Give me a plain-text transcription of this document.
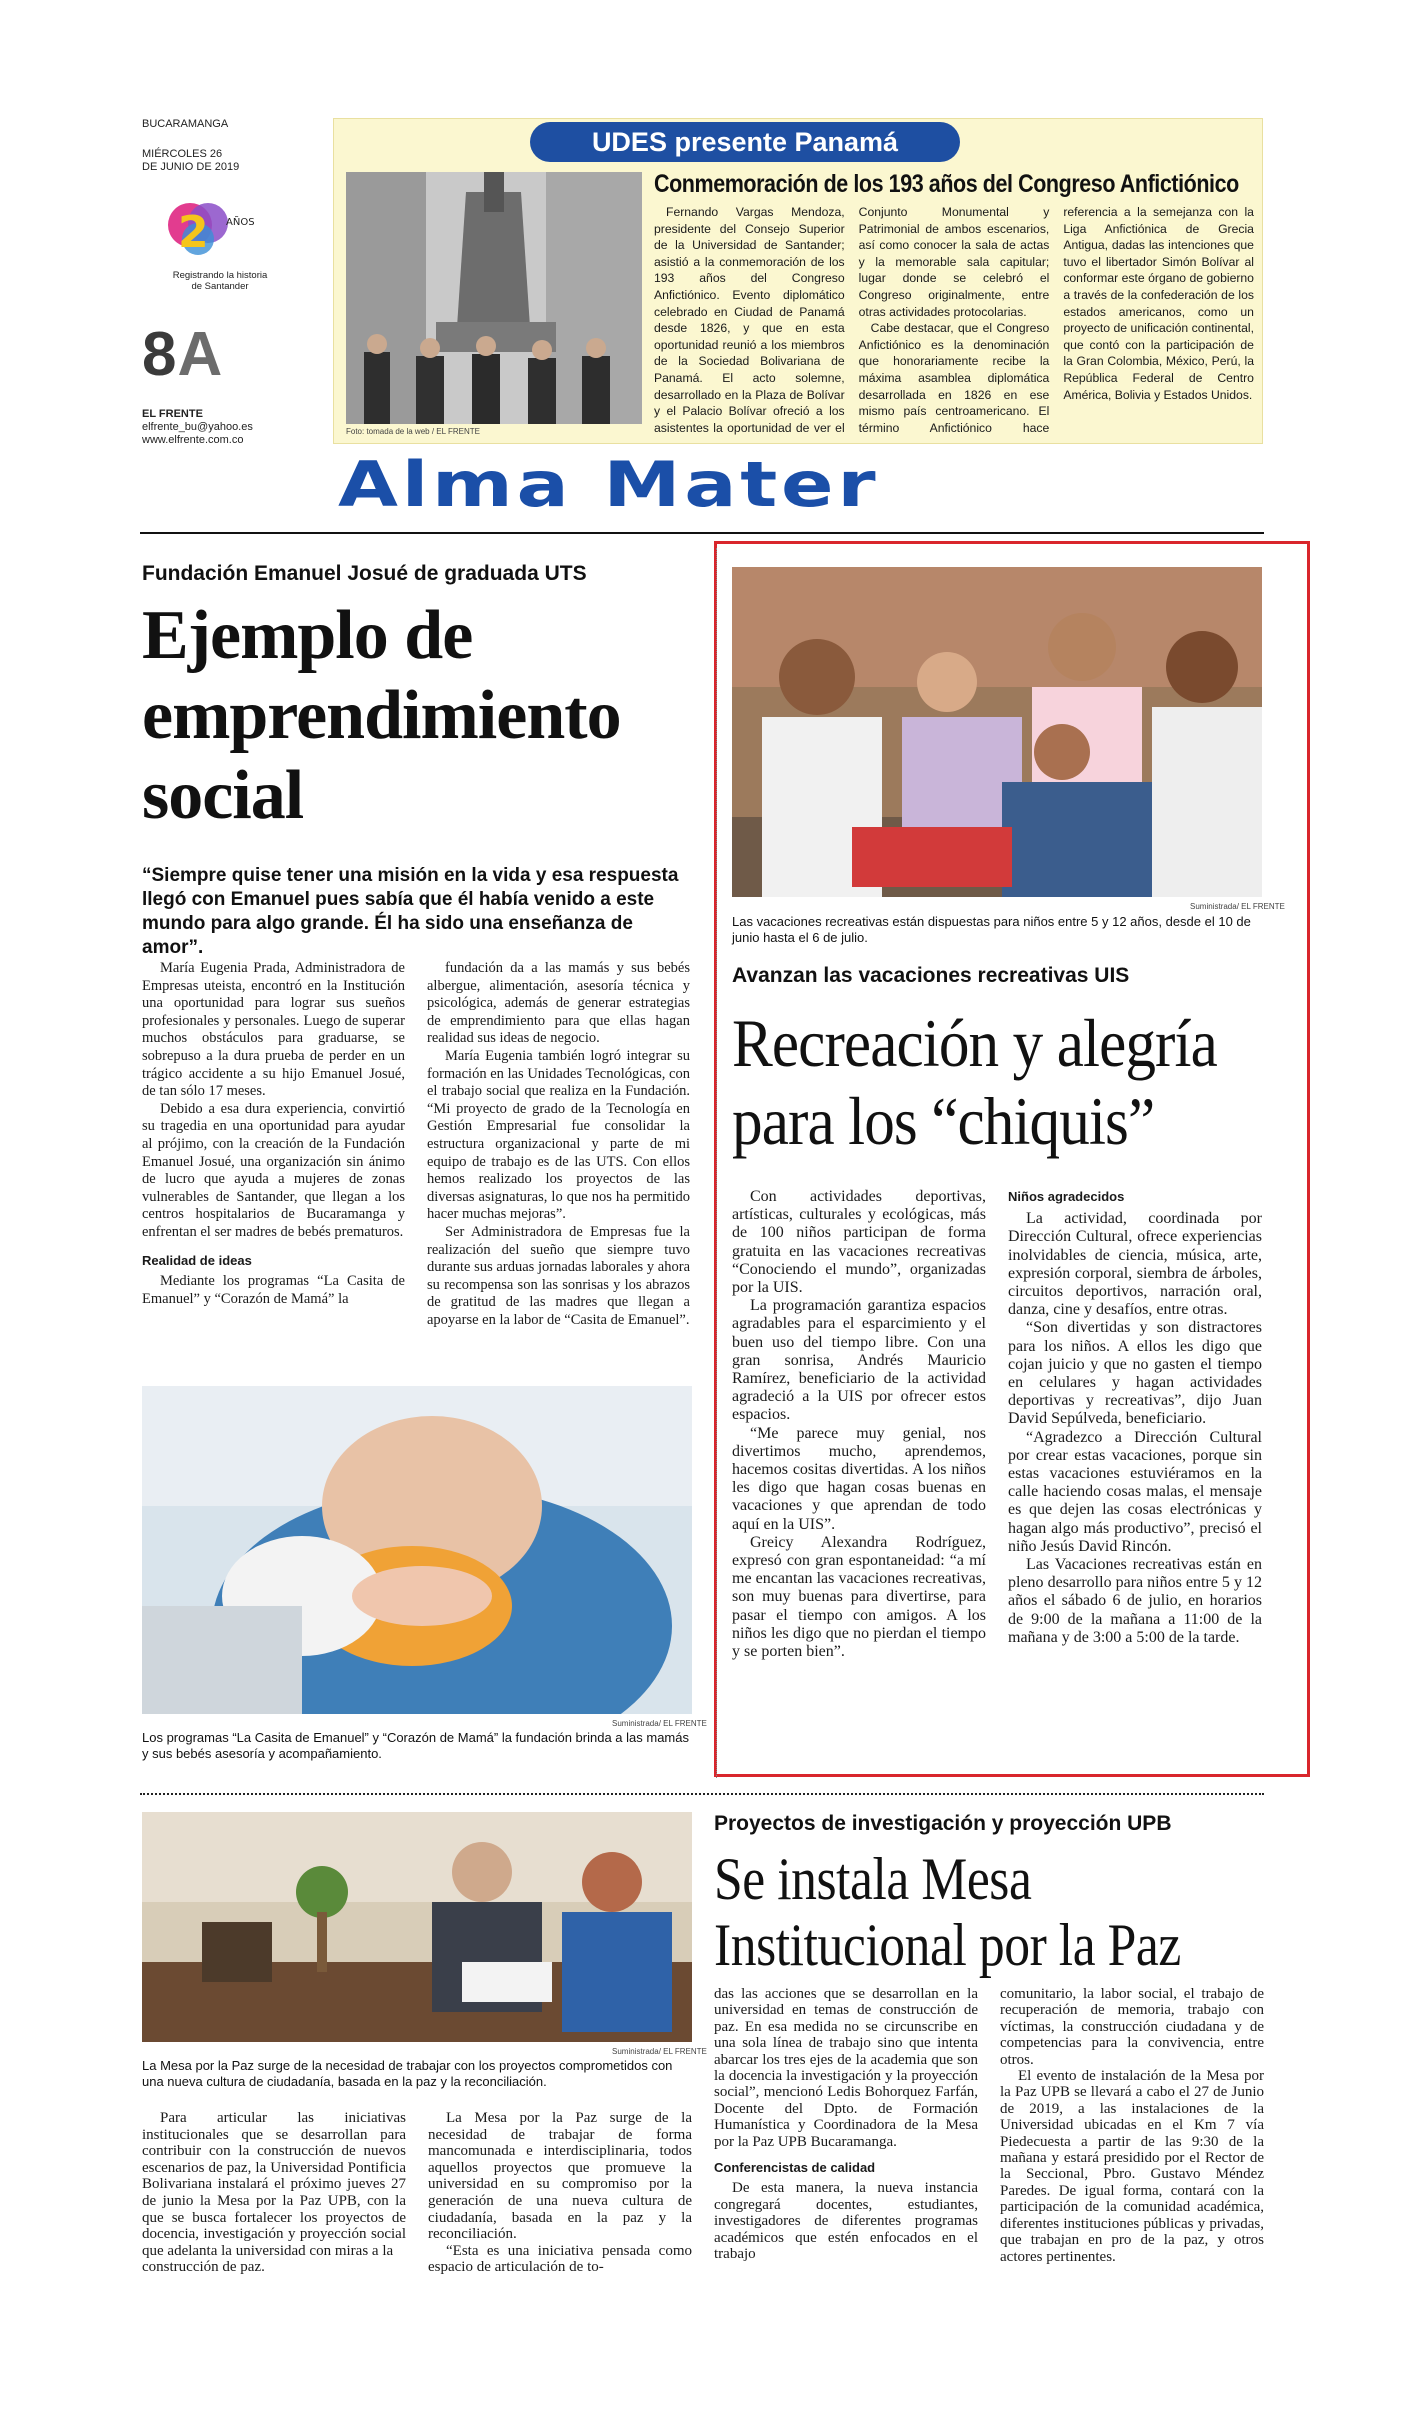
BUCARAMANGA
MIÉRCOLES 26
DE JUNIO DE 2019
2 AÑOS
Registrando la historia de Santander
8A
EL FRENTE
elfrente_bu@yahoo.es
www.elfrente.com.co
UDES presente Panamá
Foto: tomada de la web / EL FRENTE
Conmemoración de los 193 años del Congreso Anfictiónico

Fernando Vargas Mendoza, presidente del Consejo Superior de la Universidad de Santander; asistió a la conmemoración de los 193 años del Congreso Anfictiónico. Evento diplomático celebrado en Ciudad de Panamá desde 1826, y que en esta oportunidad reunió a los miembros de la Sociedad Bolivariana de Panamá. El acto solemne, desarrollado en la Plaza de Bolívar y el Palacio Bolívar ofreció a los asistentes la oportunidad de ver el Conjunto Monumental y Patrimonial de ambos escenarios, así como conocer la sala de actas y la memorable sala capitular; lugar donde se celebró el Congreso originalmente, entre otras actividades protocolarias.

Cabe destacar, que el Congreso Anfictiónico es la denominación que honorariamente recibe la máxima asamblea diplomática desarrollada en 1826 en ese mismo país centroamericano. El término Anfictiónico hace referencia a la semejanza con la Liga Anfictiónica de Grecia Antigua, dadas las intenciones que tuvo el libertador Simón Bolívar al conformar este órgano de gobierno a través de la confederación de los estados americanos, como un proyecto de unificación continental, que contó con la participación de la Gran Colombia, México, Perú, la República Federal de Centro América, Bolivia y Estados Unidos.

Alma Mater
Fundación Emanuel Josué de graduada UTS
Ejemplo de
emprendimiento
social
“Siempre quise tener una misión en la vida y esa respuesta llegó con Emanuel pues sabía que él había venido a este mundo para algo grande. Él ha sido una enseñanza de amor”.

María Eugenia Prada, Administradora de Empresas uteista, encontró en la Institución una oportunidad para lograr sus sueños profesionales y personales. Luego de superar muchos obstáculos para graduarse, se sobrepuso a la dura prueba de perder en un trágico accidente a su hijo Emanuel Josué, de tan sólo 17 meses.

Debido a esa dura experiencia, convirtió su tragedia en una oportunidad para ayudar al prójimo, con la creación de la Fundación Emanuel Josué, una organización sin ánimo de lucro que ayuda a mujeres de zonas vulnerables de Santander, que llegan a los centros hospitalarios de Bucaramanga y enfrentan el ser madres de bebés prematuros.

Realidad de ideas

Mediante los programas “La Casita de Emanuel” y “Corazón de Mamá” la

fundación da a las mamás y sus bebés albergue, alimentación, asesoría técnica y psicológica, además de generar estrategias de emprendimiento para que ellas hagan realidad sus ideas de negocio.

María Eugenia también logró integrar su formación en las Unidades Tecnológicas, con el trabajo social que realiza en la Fundación. “Mi proyecto de grado de la Tecnología en Gestión Empresarial fue consolidar la estructura organizacional y parte de mi equipo de trabajo es de las UTS. Con ellos hemos realizado los proyectos de las diversas asignaturas, lo que nos ha permitido hacer muchas mejoras”.

Ser Administradora de Empresas fue la realización del sueño que siempre tuvo durante sus arduas jornadas laborales y ahora su recompensa son las sonrisas y los abrazos de gratitud de las madres que llegan a apoyarse en la labor de “Casita de Emanuel”.

Suministrada/ EL FRENTE
Los programas “La Casita de Emanuel” y “Corazón de Mamá” la fundación brinda a las mamás y sus bebés asesoría y acompañamiento.
Suministrada/ EL FRENTE
Las vacaciones recreativas están dispuestas para niños entre 5 y 12 años, desde el 10 de junio hasta el 6 de julio.
Avanzan las vacaciones recreativas UIS
Recreación y alegría
para los “chiquis”

Con actividades deportivas, artísticas, culturales y ecológicas, más de 100 niños participan de forma gratuita en las vacaciones recreativas “Conociendo el mundo”, organizadas por la UIS.

La programación garantiza espacios agradables para el esparcimiento y el buen uso del tiempo libre. Con una gran sonrisa, Andrés Mauricio Ramírez, beneficiario de la actividad agradeció a la UIS por ofrecer estos espacios.

“Me parece muy genial, nos divertimos mucho, aprendemos, hacemos cositas divertidas. A los niños les digo que hagan cosas buenas en vacaciones y que aprendan de todo aquí en la UIS”.

Greicy Alexandra Rodríguez, expresó con gran espontaneidad: “a mí me encantan las vacaciones recreativas, son muy buenas para divertirse, para pasar el tiempo con amigos. A los niños les digo que no pierdan el tiempo y se porten bien”.

Niños agradecidos

La actividad, coordinada por Dirección Cultural, ofrece experiencias inolvidables de ciencia, música, arte, expresión corporal, siembra de árboles, circuitos deportivos, narración oral, danza, cine y desafíos, entre otras.

“Son divertidas y son distractores para los niños. A ellos les digo que cojan juicio y que no gasten el tiempo en celulares y hagan actividades deportivas y recreativas”, dijo Juan David Sepúlveda, beneficiario.

“Agradezco a Dirección Cultural por crear estas vacaciones, porque sin estas vacaciones estuviéramos en la calle haciendo cosas malas, el mensaje es que dejen las cosas electrónicas y hagan algo más productivo”, precisó el niño Jesús David Rincón.

Las Vacaciones recreativas están en pleno desarrollo para niños entre 5 y 12 años el sábado 6 de julio, en horarios de 9:00 de la mañana a 11:00 de la mañana y de 3:00 a 5:00 de la tarde.

Suministrada/ EL FRENTE
La Mesa por la Paz surge de la necesidad de trabajar con los proyectos comprometidos con una nueva cultura de ciudadanía, basada en la paz y la reconciliación.
Proyectos de investigación y proyección UPB
Se instala Mesa
Institucional por la Paz

Para articular las iniciativas institucionales que se desarrollan para contribuir con la construcción de nuevos escenarios de paz, la Universidad Pontificia Bolivariana instalará el próximo jueves 27 de junio la Mesa por la Paz UPB, con la que se busca fortalecer los proyectos de docencia, investigación y proyección social que adelanta la universidad con miras a la

construcción de paz.

La Mesa por la Paz surge de la necesidad de trabajar de forma mancomunada e interdisciplinaria, todos aquellos proyectos que promueve la universidad en su compromiso por la generación de una nueva cultura de ciudadanía, basada en la paz y la reconciliación.

“Esta es una iniciativa pensada como espacio de articulación de to-

das las acciones que se desarrollan en la universidad en temas de construcción de paz. En esa medida no se circunscribe en una sola línea de trabajo sino que intenta abarcar los tres ejes de la academia que son la docencia la investigación y la proyección social”, mencionó Ledis Bohorquez Farfán, Docente del Dpto. de Formación Humanística y Coordinadora de la Mesa por la Paz UPB Bucaramanga.

Conferencistas de calidad

De esta manera, la nueva instancia congregará docentes, estudiantes, investigadores de diferentes programas académicos que estén enfocados en el trabajo

comunitario, la labor social, el trabajo de recuperación de memoria, trabajo con víctimas, la construcción ciudadana y de competencias para la convivencia, entre otros.

El evento de instalación de la Mesa por la Paz UPB se llevará a cabo el 27 de Junio de 2019, a las instalaciones de la Universidad ubicadas en el Km 7 vía Piedecuesta a partir de las 9:30 de la mañana y estará presidido por el Rector de la Seccional, Pbro. Gustavo Méndez Paredes. De igual forma, contará con la participación de la comunidad académica, diferentes instituciones públicas y privadas, que trabajan en pro de la paz, y otros actores pertinentes.
